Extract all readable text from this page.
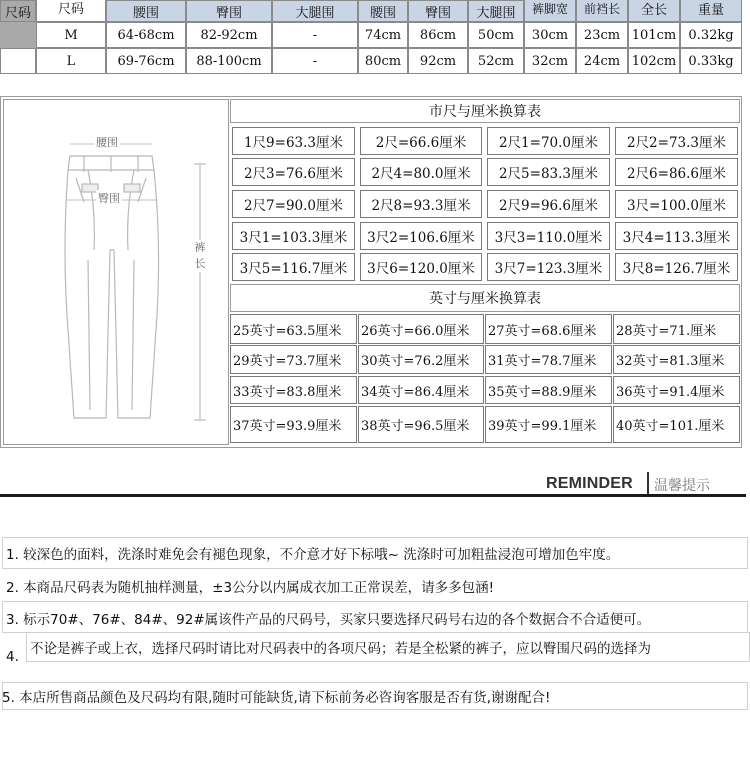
尺码	尺码	腰围	臀围	大腿围	腰围	臀围	大腿围	裤脚宽	前裆长	全长	重量
M	64-68cm	82-92cm	-	74cm	86cm	50cm	30cm	23cm 101cm 0.32kg
L	69-76cm	88-100cm	-	80cm	92cm	52cm	32cm	24cm 102cm 0.33kg
腰围
臀围
裤长
市尺与厘米换算表
1尺9=63.3厘米	2尺=66.6厘米	2尺1=70.0厘米	2尺2=73.3厘米
2尺3=76.6厘米	2尺4=80.0厘米	2尺5=83.3厘米	2尺6=86.6厘米
2尺7=90.0厘米	2尺8=93.3厘米	2尺9=96.6厘米	3尺=100.0厘米
3尺1=103.3厘米	3尺2=106.6厘米	3尺3=110.0厘米	3尺4=113.3厘米
3尺5=116.7厘米	3尺6=120.0厘米	3尺7=123.3厘米	3尺8=126.7厘米
英寸与厘米换算表
25英寸=63.5厘米	26英寸=66.0厘米	27英寸=68.6厘米	28英寸=71.厘米
29英寸=73.7厘米	30英寸=76.2厘米	31英寸=78.7厘米	32英寸=81.3厘米
33英寸=83.8厘米	34英寸=86.4厘米	35英寸=88.9厘米	36英寸=91.4厘米
37英寸=93.9厘米	38英寸=96.5厘米	39英寸=99.1厘米	40英寸=101.厘米
REMINDER 温馨提示
1. 较深色的面料，洗涤时难免会有褪色现象，不介意才好下标哦~ 洗涤时可加粗盐浸泡可增加色牢度。
2. 本商品尺码表为随机抽样测量，±3公分以内属成衣加工正常误差，请多多包涵!
3. 标示70#、76#、84#、92#属该件产品的尺码号，买家只要选择尺码号右边的各个数据合不合适便可。
4. 不论是裤子或上衣，选择尺码时请比对尺码表中的各项尺码；若是全松紧的裤子，应以臀围尺码的选择为
5. 本店所售商品颜色及尺码均有限,随时可能缺货,请下标前务必咨询客服是否有货,谢谢配合!
